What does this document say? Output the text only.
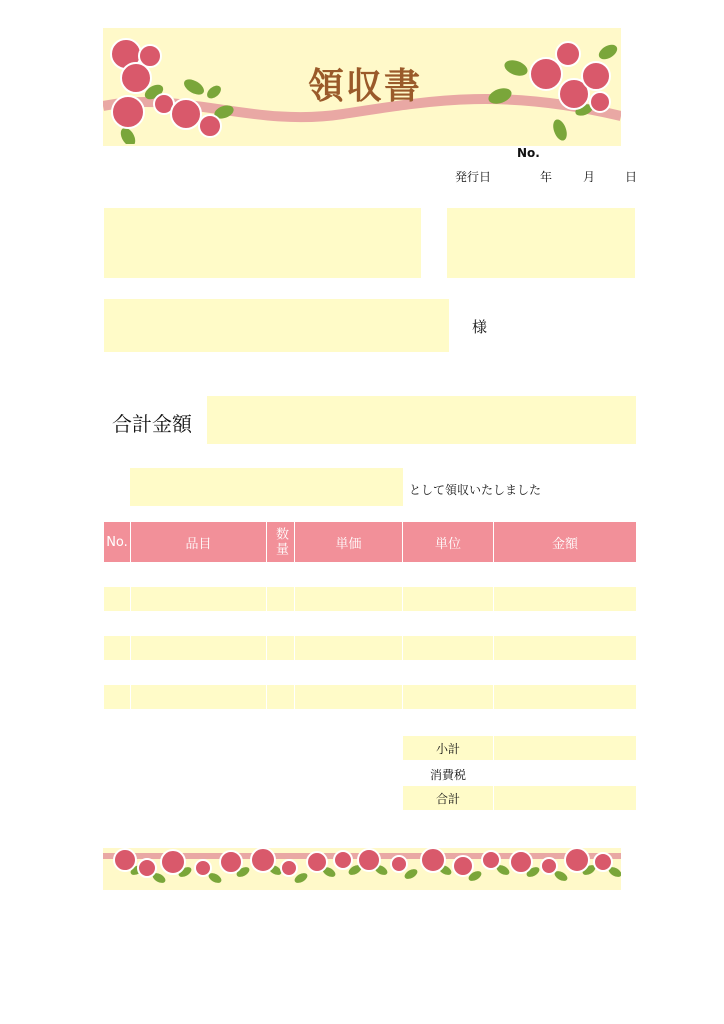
領収書
No.
発行日	年	月 日
様
合計金額
として領収いたしました
No.	品目	数量	単価	単位	金額
小計
消費税
合計
